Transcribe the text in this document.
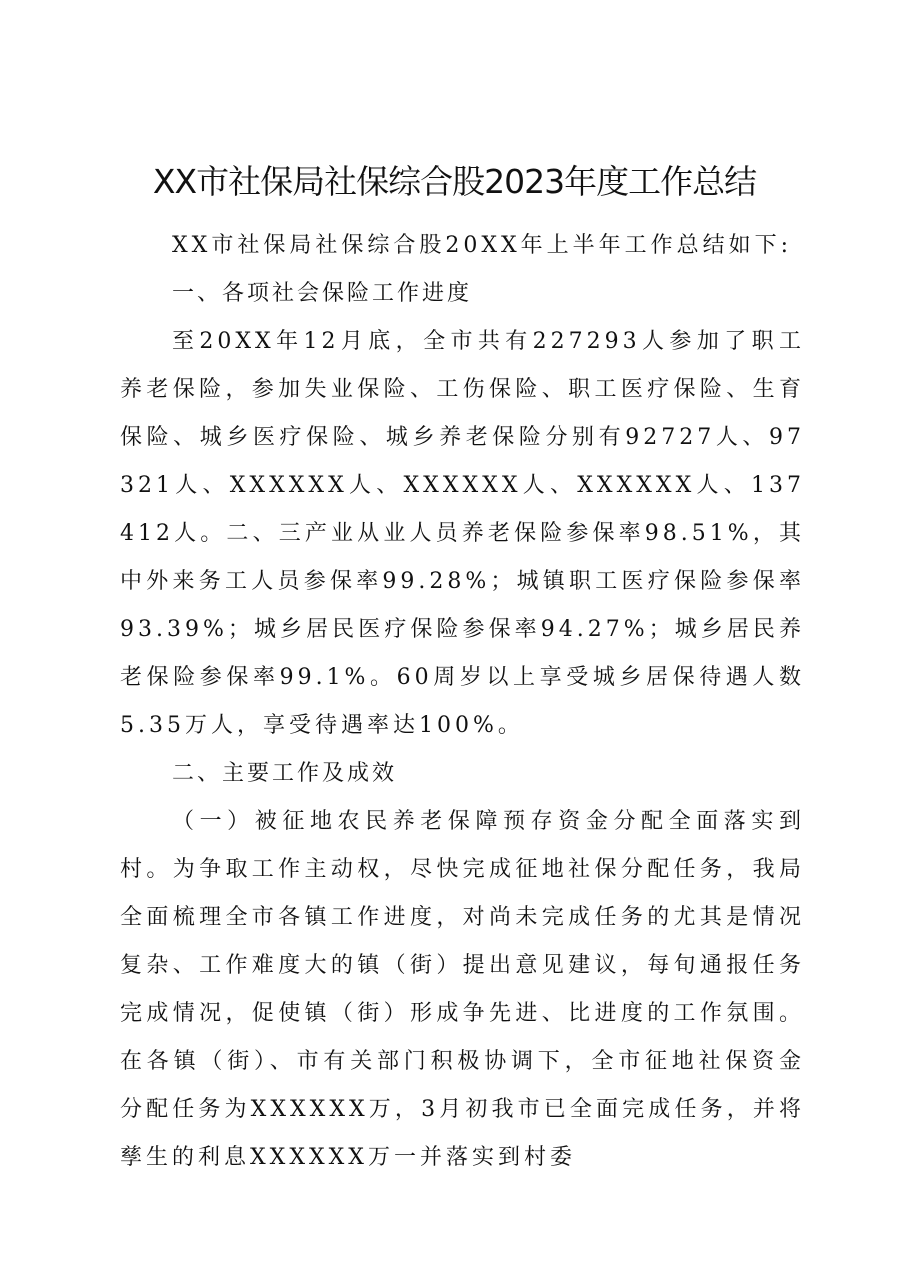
XX市社保局社保综合股2023年度工作总结

XX市社保局社保综合股20XX年上半年工作总结如下:

一、各项社会保险工作进度

至20XX年12月底，全市共有227293人参加了职工养老保险，参加失业保险、工伤保险、职工医疗保险、生育保险、城乡医疗保险、城乡养老保险分别有92727人、97321人、XXXXXX人、XXXXXX人、XXXXXX人、137412人。二、三产业从业人员养老保险参保率98.51%，其中外来务工人员参保率99.28%；城镇职工医疗保险参保率93.39%；城乡居民医疗保险参保率94.27%；城乡居民养老保险参保率99.1%。60周岁以上享受城乡居保待遇人数5.35万人，享受待遇率达100%。

二、主要工作及成效

（一）被征地农民养老保障预存资金分配全面落实到村。为争取工作主动权，尽快完成征地社保分配任务，我局全面梳理全市各镇工作进度，对尚未完成任务的尤其是情况复杂、工作难度大的镇（街）提出意见建议，每旬通报任务完成情况，促使镇（街）形成争先进、比进度的工作氛围。在各镇（街）、市有关部门积极协调下，全市征地社保资金分配任务为XXXXXX万，3月初我市已全面完成任务，并将孳生的利息XXXXXX万一并落实到村委
